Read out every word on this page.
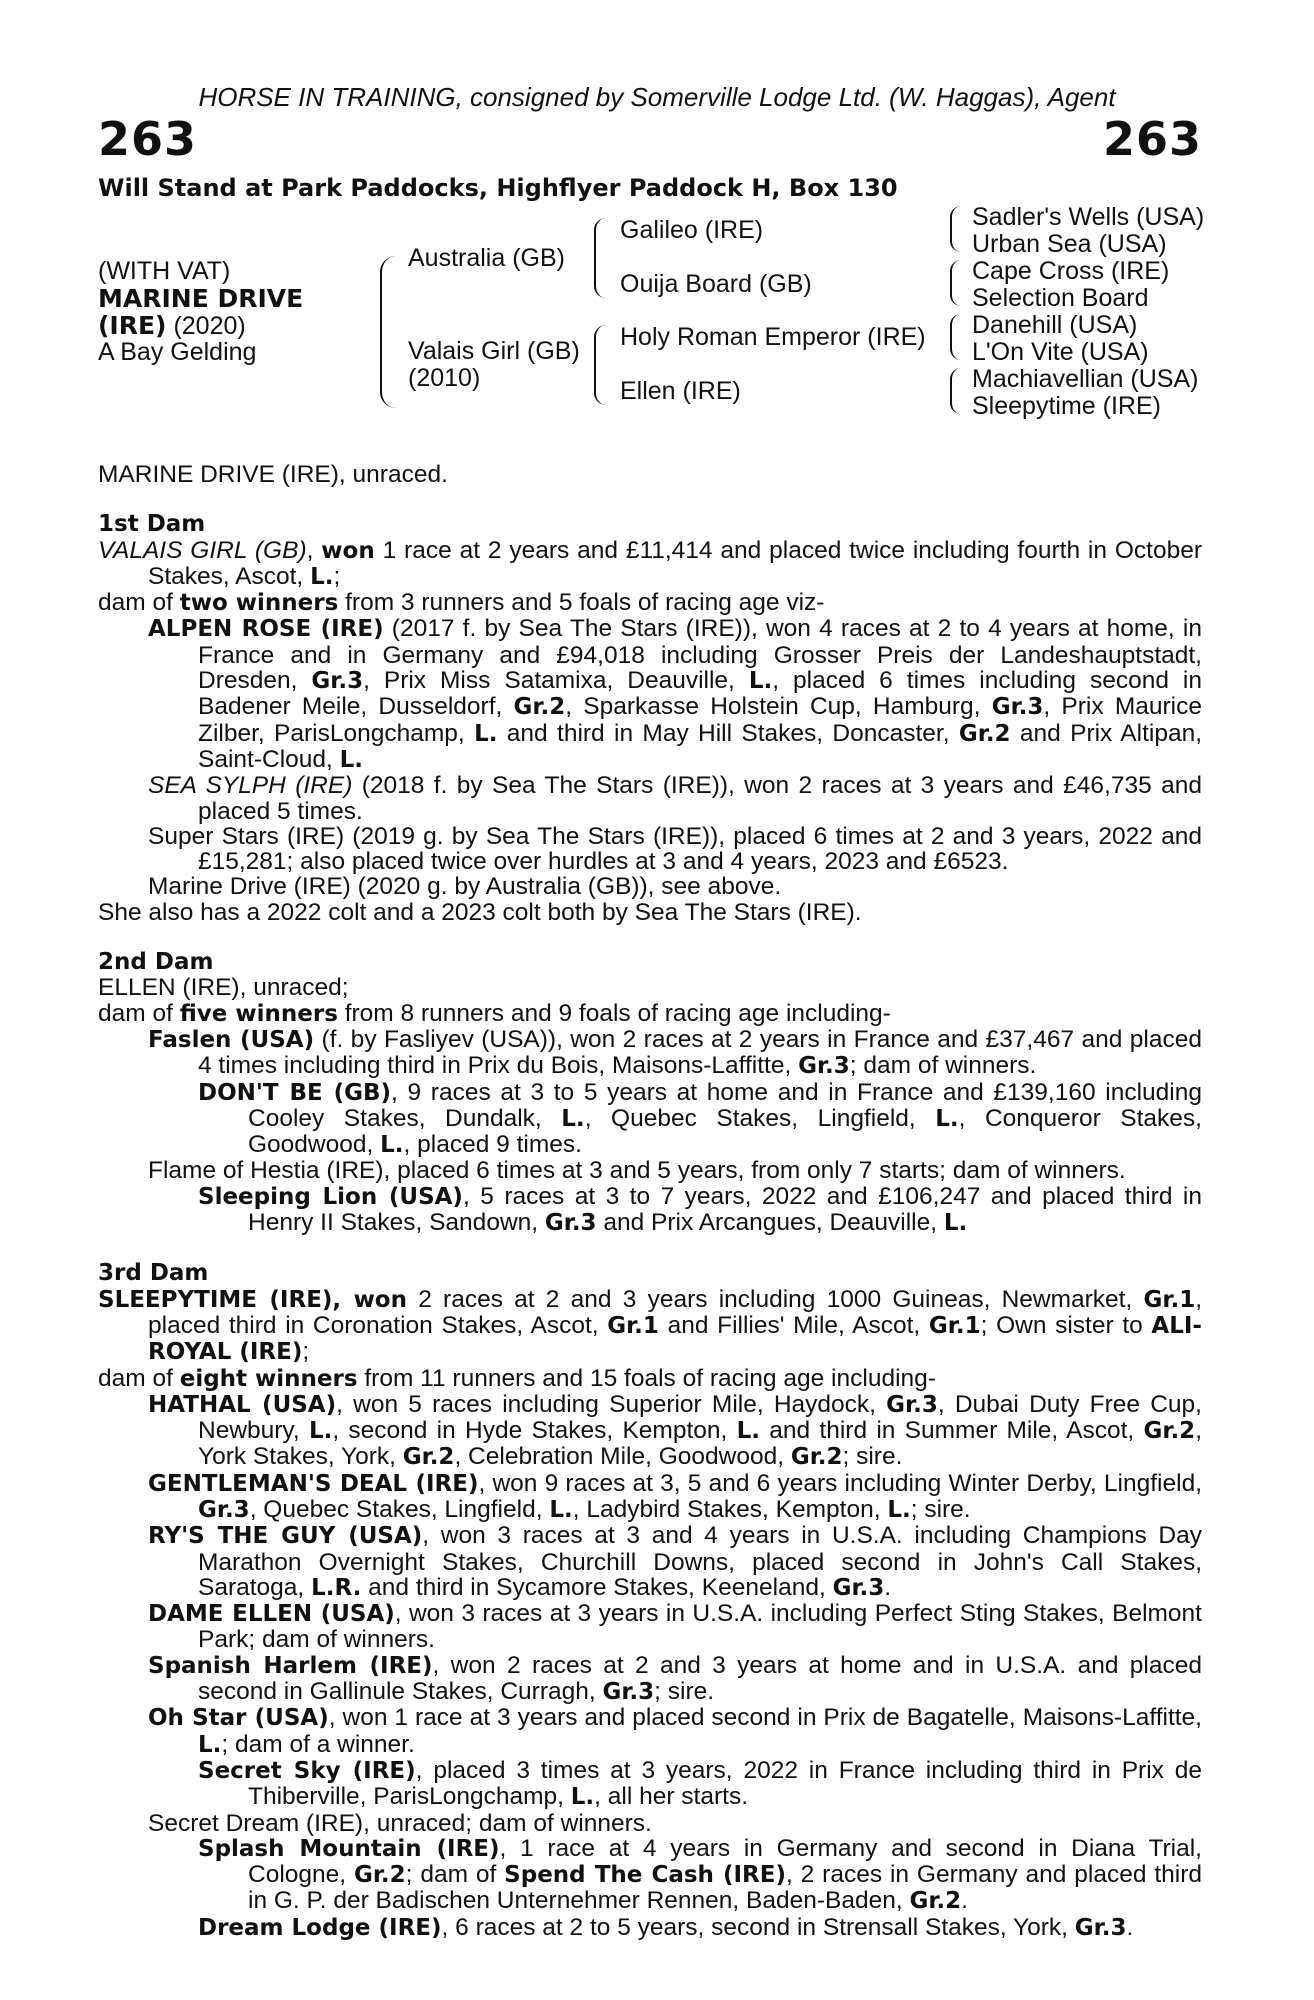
HORSE IN TRAINING, consigned by Somerville Lodge Ltd. (W. Haggas), Agent
263	263
Will Stand at Park Paddocks, Highflyer Paddock H, Box 130
(WITH VAT)
MARINE DRIVE
(IRE) (2020)
A Bay Gelding
Australia (GB)
Valais Girl (GB)
(2010)
Galileo (IRE)
Ouija Board (GB)
Holy Roman Emperor (IRE)
Ellen (IRE)
Sadler's Wells (USA)
Urban Sea (USA)
Cape Cross (IRE)
Selection Board
Danehill (USA)
L'On Vite (USA)
Machiavellian (USA)
Sleepytime (IRE)

MARINE DRIVE (IRE), unraced.

1st Dam

VALAIS GIRL (GB), won 1 race at 2 years and £11,414 and placed twice including fourth in October Stakes, Ascot, L.;

dam of two winners from 3 runners and 5 foals of racing age viz-

ALPEN ROSE (IRE) (2017 f. by Sea The Stars (IRE)), won 4 races at 2 to 4 years at home, in France and in Germany and £94,018 including Grosser Preis der Landeshauptstadt, Dresden, Gr.3, Prix Miss Satamixa, Deauville, L., placed 6 times including second in Badener Meile, Dusseldorf, Gr.2, Sparkasse Holstein Cup, Hamburg, Gr.3, Prix Maurice Zilber, ParisLongchamp, L. and third in May Hill Stakes, Doncaster, Gr.2 and Prix Altipan, Saint-Cloud, L.

SEA SYLPH (IRE) (2018 f. by Sea The Stars (IRE)), won 2 races at 3 years and £46,735 and placed 5 times.

Super Stars (IRE) (2019 g. by Sea The Stars (IRE)), placed 6 times at 2 and 3 years, 2022 and £15,281; also placed twice over hurdles at 3 and 4 years, 2023 and £6523.

Marine Drive (IRE) (2020 g. by Australia (GB)), see above.

She also has a 2022 colt and a 2023 colt both by Sea The Stars (IRE).

2nd Dam

ELLEN (IRE), unraced;

dam of five winners from 8 runners and 9 foals of racing age including-

Faslen (USA) (f. by Fasliyev (USA)), won 2 races at 2 years in France and £37,467 and placed 4 times including third in Prix du Bois, Maisons-Laffitte, Gr.3; dam of winners.

DON'T BE (GB), 9 races at 3 to 5 years at home and in France and £139,160 including Cooley Stakes, Dundalk, L., Quebec Stakes, Lingfield, L., Conqueror Stakes, Goodwood, L., placed 9 times.

Flame of Hestia (IRE), placed 6 times at 3 and 5 years, from only 7 starts; dam of winners.

Sleeping Lion (USA), 5 races at 3 to 7 years, 2022 and £106,247 and placed third in Henry II Stakes, Sandown, Gr.3 and Prix Arcangues, Deauville, L.

3rd Dam

SLEEPYTIME (IRE), won 2 races at 2 and 3 years including 1000 Guineas, Newmarket, Gr.1, placed third in Coronation Stakes, Ascot, Gr.1 and Fillies' Mile, Ascot, Gr.1; Own sister to ALI-ROYAL (IRE);

dam of eight winners from 11 runners and 15 foals of racing age including-

HATHAL (USA), won 5 races including Superior Mile, Haydock, Gr.3, Dubai Duty Free Cup, Newbury, L., second in Hyde Stakes, Kempton, L. and third in Summer Mile, Ascot, Gr.2, York Stakes, York, Gr.2, Celebration Mile, Goodwood, Gr.2; sire.

GENTLEMAN'S DEAL (IRE), won 9 races at 3, 5 and 6 years including Winter Derby, Lingfield, Gr.3, Quebec Stakes, Lingfield, L., Ladybird Stakes, Kempton, L.; sire.

RY'S THE GUY (USA), won 3 races at 3 and 4 years in U.S.A. including Champions Day Marathon Overnight Stakes, Churchill Downs, placed second in John's Call Stakes, Saratoga, L.R. and third in Sycamore Stakes, Keeneland, Gr.3.

DAME ELLEN (USA), won 3 races at 3 years in U.S.A. including Perfect Sting Stakes, Belmont Park; dam of winners.

Spanish Harlem (IRE), won 2 races at 2 and 3 years at home and in U.S.A. and placed second in Gallinule Stakes, Curragh, Gr.3; sire.

Oh Star (USA), won 1 race at 3 years and placed second in Prix de Bagatelle, Maisons-Laffitte, L.; dam of a winner.

Secret Sky (IRE), placed 3 times at 3 years, 2022 in France including third in Prix de Thiberville, ParisLongchamp, L., all her starts.

Secret Dream (IRE), unraced; dam of winners.

Splash Mountain (IRE), 1 race at 4 years in Germany and second in Diana Trial, Cologne, Gr.2; dam of Spend The Cash (IRE), 2 races in Germany and placed third in G. P. der Badischen Unternehmer Rennen, Baden-Baden, Gr.2.

Dream Lodge (IRE), 6 races at 2 to 5 years, second in Strensall Stakes, York, Gr.3.
